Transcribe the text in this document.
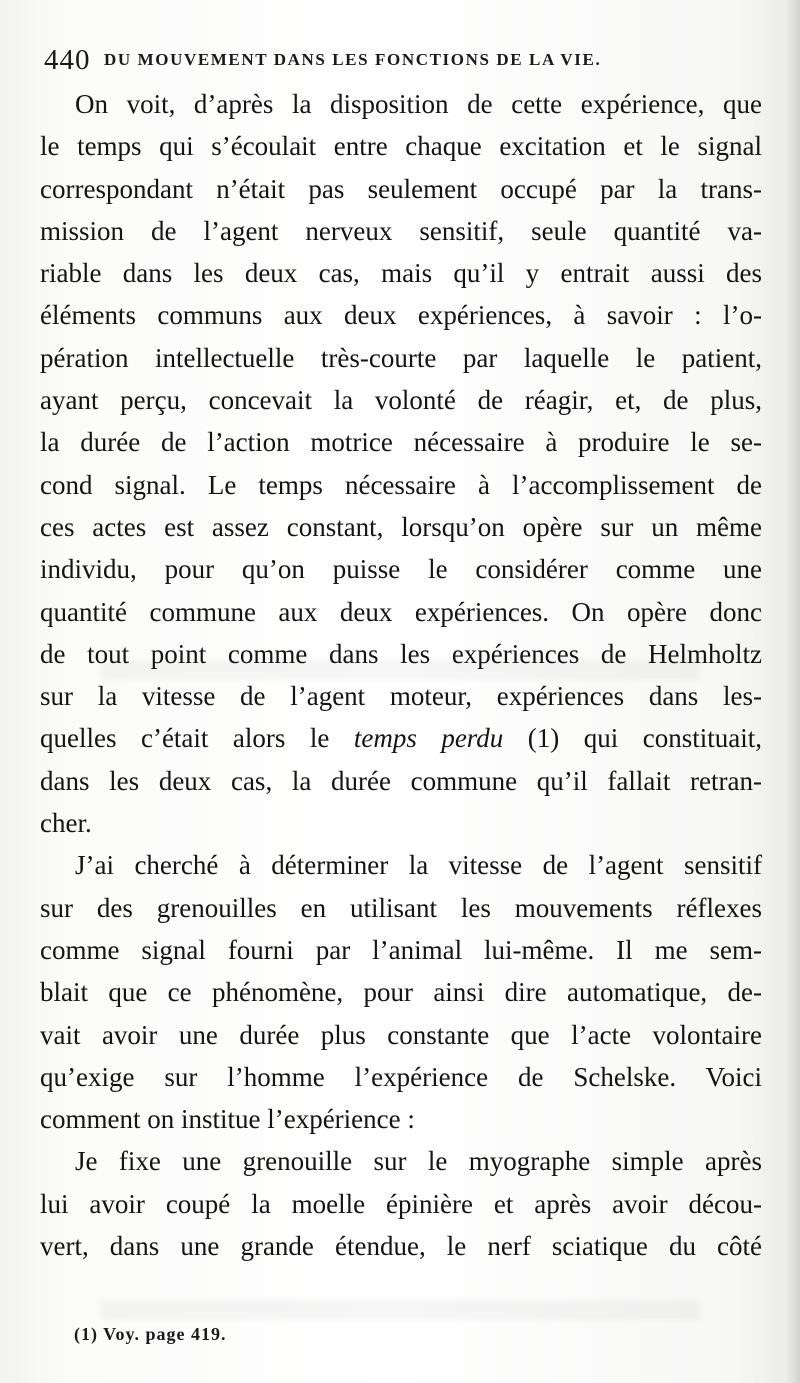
440 DU MOUVEMENT DANS LES FONCTIONS DE LA VIE.
On voit, d’après la disposition de cette expérience, que
le temps qui s’écoulait entre chaque excitation et le signal
correspondant n’était pas seulement occupé par la trans-
mission de l’agent nerveux sensitif, seule quantité va-
riable dans les deux cas, mais qu’il y entrait aussi des
éléments communs aux deux expériences, à savoir : l’o-
pération intellectuelle très-courte par laquelle le patient,
ayant perçu, concevait la volonté de réagir, et, de plus,
la durée de l’action motrice nécessaire à produire le se-
cond signal. Le temps nécessaire à l’accomplissement de
ces actes est assez constant, lorsqu’on opère sur un même
individu, pour qu’on puisse le considérer comme une
quantité commune aux deux expériences. On opère donc
de tout point comme dans les expériences de Helmholtz
sur la vitesse de l’agent moteur, expériences dans les-
quelles c’était alors le temps perdu (1) qui constituait,
dans les deux cas, la durée commune qu’il fallait retran-
cher.
J’ai cherché à déterminer la vitesse de l’agent sensitif
sur des grenouilles en utilisant les mouvements réflexes
comme signal fourni par l’animal lui-même. Il me sem-
blait que ce phénomène, pour ainsi dire automatique, de-
vait avoir une durée plus constante que l’acte volontaire
qu’exige sur l’homme l’expérience de Schelske. Voici
comment on institue l’expérience :
Je fixe une grenouille sur le myographe simple après
lui avoir coupé la moelle épinière et après avoir décou-
vert, dans une grande étendue, le nerf sciatique du côté
(1) Voy. page 419.
